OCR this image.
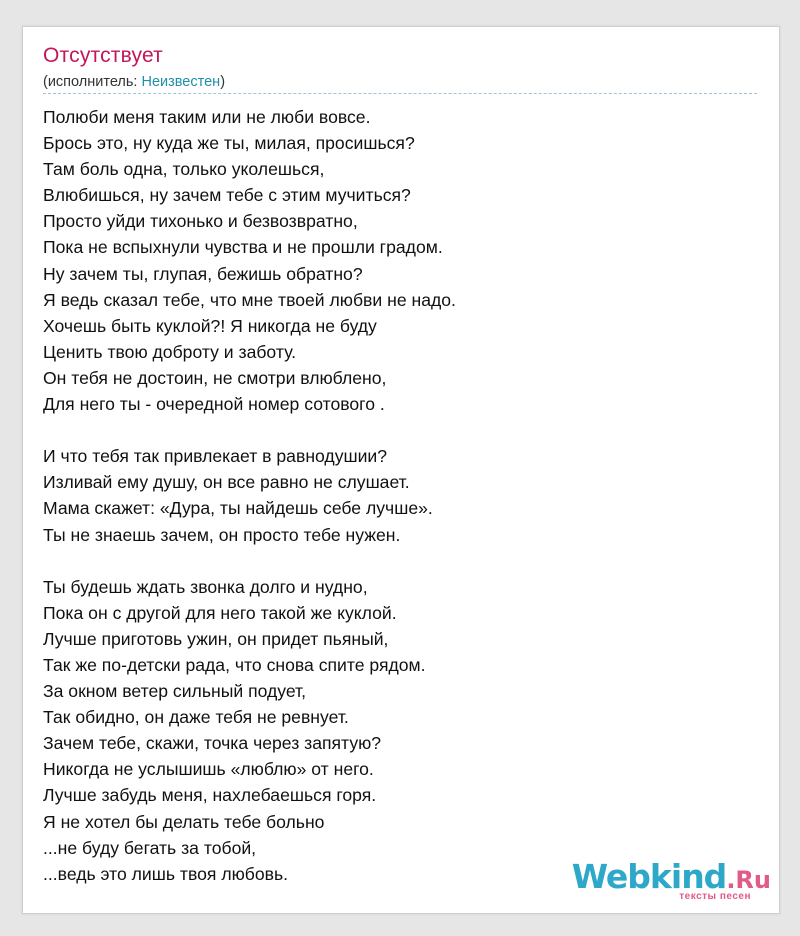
Отсутствует
(исполнитель: Неизвестен)
Полюби меня таким или не люби вовсе.
Брось это, ну куда же ты, милая, просишься?
Там боль одна, только уколешься,
Влюбишься, ну зачем тебе с этим мучиться?
Просто уйди тихонько и безвозвратно,
Пока не вспыхнули чувства и не прошли градом.
Ну зачем ты, глупая, бежишь обратно?
Я ведь сказал тебе, что мне твоей любви не надо.
Хочешь быть куклой?! Я никогда не буду
Ценить твою доброту и заботу.
Он тебя не достоин, не смотри влюблено,
Для него ты - очередной номер сотового .
И что тебя так привлекает в равнодушии?
Изливай ему душу, он все равно не слушает.
Мама скажет: «Дура, ты найдешь себе лучше».
Ты не знаешь зачем, он просто тебе нужен.
Ты будешь ждать звонка долго и нудно,
Пока он с другой для него такой же куклой.
Лучше приготовь ужин, он придет пьяный,
Так же по-детски рада, что снова спите рядом.
За окном ветер сильный подует,
Так обидно, он даже тебя не ревнует.
Зачем тебе, скажи, точка через запятую?
Никогда не услышишь «люблю» от него.
Лучше забудь меня, нахлебаешься горя.
Я не хотел бы делать тебе больно
...не буду бегать за тобой,
...ведь это лишь твоя любовь.	Webkind.Ru
тексты песен
